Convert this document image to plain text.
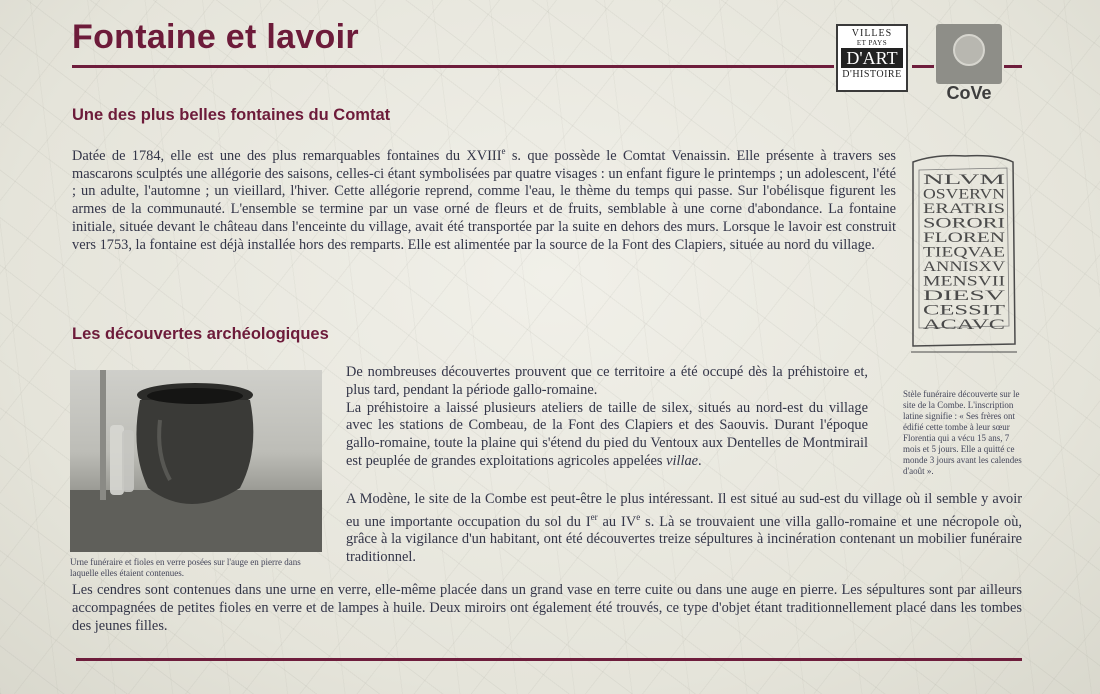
Fontaine et lavoir	VILLES
ET PAYS
D'ART
D'HISTOIRE
CoVe
Une des plus belles fontaines du Comtat

Datée de 1784, elle est une des plus remarquables fontaines du XVIIIe s. que possède le Comtat Venaissin. Elle présente à travers ses mascarons sculptés une allégorie des saisons, celles-ci étant symbolisées par quatre visages : un enfant figure le printemps ; un adolescent, l'été ; un adulte, l'automne ; un vieillard, l'hiver. Cette allégorie reprend, comme l'eau, le thème du temps qui passe. Sur l'obélisque figurent les armes de la communauté. L'ensemble se termine par un vase orné de fleurs et de fruits, semblable à une corne d'abondance. La fontaine initiale, située devant le château dans l'enceinte du village, avait été transportée par la suite en dehors des murs. Lorsque le lavoir est construit vers 1753, la fontaine est déjà installée hors des remparts. Elle est alimentée par la source de la Font des Clapiers, située au nord du village.

NLVM
OSVERVN
ERATRIS
SORORI
FLOREN
TIEQVAE
ANNISXV
MENSVII
DIESV
CESSIT
ACAVC

Stèle funéraire découverte sur le site de la Combe. L'inscription latine signifie : « Ses frères ont édifié cette tombe à leur sœur Florentia qui a vécu 15 ans, 7 mois et 5 jours. Elle a quitté ce monde 3 jours avant les calendes d'août ».

Les découvertes archéologiques

Urne funéraire et fioles en verre posées sur l'auge en pierre dans laquelle elles étaient contenues.

De nombreuses découvertes prouvent que ce territoire a été occupé dès la préhistoire et, plus tard, pendant la période gallo-romaine.

La préhistoire a laissé plusieurs ateliers de taille de silex, situés au nord-est du village avec les stations de Combeau, de la Font des Clapiers et des Saouvis. Durant l'époque gallo-romaine, toute la plaine qui s'étend du pied du Ventoux aux Dentelles de Montmirail est peuplée de grandes exploitations agricoles appelées villae.

A Modène, le site de la Combe est peut-être le plus intéressant. Il est situé au sud-est du village où il semble y avoir eu une importante occupation du sol du Ier au IVe s. Là se trouvaient une villa gallo-romaine et une nécropole où, grâce à la vigilance d'un habitant, ont été découvertes treize sépultures à incinération contenant un mobilier funéraire traditionnel.

Les cendres sont contenues dans une urne en verre, elle-même placée dans un grand vase en terre cuite ou dans une auge en pierre. Les sépultures sont par ailleurs accompagnées de petites fioles en verre et de lampes à huile. Deux miroirs ont également été trouvés, ce type d'objet étant traditionnellement placé dans les tombes des jeunes filles.
